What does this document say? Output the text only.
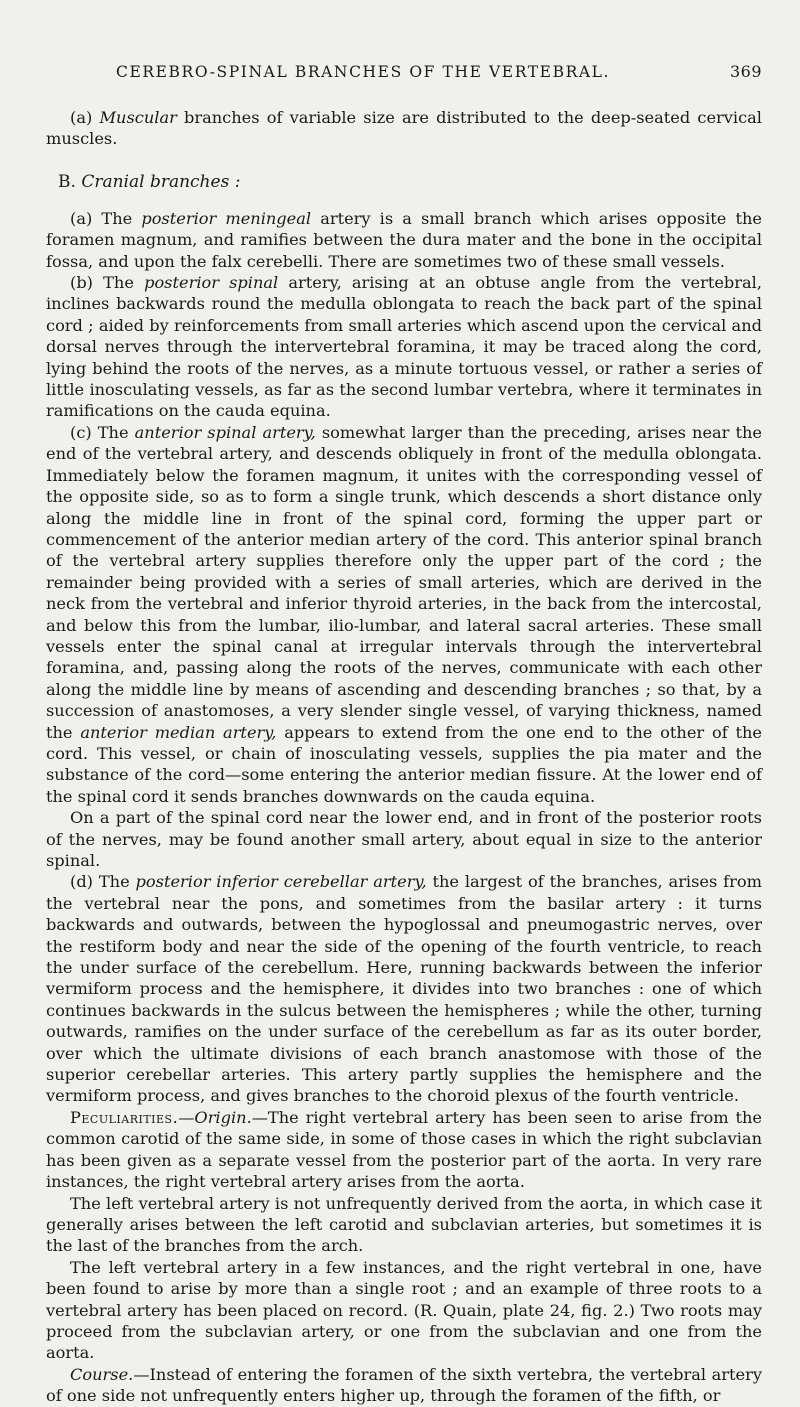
CEREBRO-SPINAL BRANCHES OF THE VERTEBRAL.	369

(a) Muscular branches of variable size are distributed to the deep-seated cervical muscles.

B. Cranial branches :

(a) The posterior meningeal artery is a small branch which arises opposite the foramen magnum, and ramifies between the dura mater and the bone in the occipital fossa, and upon the falx cerebelli. There are sometimes two of these small vessels.

(b) The posterior spinal artery, arising at an obtuse angle from the vertebral, inclines backwards round the medulla oblongata to reach the back part of the spinal cord ; aided by reinforcements from small arteries which ascend upon the cervical and dorsal nerves through the intervertebral foramina, it may be traced along the cord, lying behind the roots of the nerves, as a minute tortuous vessel, or rather a series of little inosculating vessels, as far as the second lumbar vertebra, where it terminates in ramifications on the cauda equina.

(c) The anterior spinal artery, somewhat larger than the preceding, arises near the end of the vertebral artery, and descends obliquely in front of the medulla oblongata. Immediately below the foramen magnum, it unites with the corresponding vessel of the opposite side, so as to form a single trunk, which descends a short distance only along the middle line in front of the spinal cord, forming the upper part or commencement of the anterior median artery of the cord. This anterior spinal branch of the vertebral artery supplies therefore only the upper part of the cord ; the remainder being provided with a series of small arteries, which are derived in the neck from the vertebral and inferior thyroid arteries, in the back from the intercostal, and below this from the lumbar, ilio-lumbar, and lateral sacral arteries. These small vessels enter the spinal canal at irregular intervals through the intervertebral foramina, and, passing along the roots of the nerves, communicate with each other along the middle line by means of ascending and descending branches ; so that, by a succession of anastomoses, a very slender single vessel, of varying thickness, named the anterior median artery, appears to extend from the one end to the other of the cord. This vessel, or chain of inosculating vessels, supplies the pia mater and the substance of the cord—some entering the anterior median fissure. At the lower end of the spinal cord it sends branches downwards on the cauda equina.

On a part of the spinal cord near the lower end, and in front of the posterior roots of the nerves, may be found another small artery, about equal in size to the anterior spinal.

(d) The posterior inferior cerebellar artery, the largest of the branches, arises from the vertebral near the pons, and sometimes from the basilar artery : it turns backwards and outwards, between the hypoglossal and pneumogastric nerves, over the restiform body and near the side of the opening of the fourth ventricle, to reach the under surface of the cerebellum. Here, running backwards between the inferior vermiform process and the hemisphere, it divides into two branches : one of which continues backwards in the sulcus between the hemispheres ; while the other, turning outwards, ramifies on the under surface of the cerebellum as far as its outer border, over which the ultimate divisions of each branch anastomose with those of the superior cerebellar arteries. This artery partly supplies the hemisphere and the vermiform process, and gives branches to the choroid plexus of the fourth ventricle.

Peculiarities.—Origin.—The right vertebral artery has been seen to arise from the common carotid of the same side, in some of those cases in which the right subclavian has been given as a separate vessel from the posterior part of the aorta. In very rare instances, the right vertebral artery arises from the aorta.

The left vertebral artery is not unfrequently derived from the aorta, in which case it generally arises between the left carotid and subclavian arteries, but sometimes it is the last of the branches from the arch.

The left vertebral artery in a few instances, and the right vertebral in one, have been found to arise by more than a single root ; and an example of three roots to a vertebral artery has been placed on record. (R. Quain, plate 24, fig. 2.) Two roots may proceed from the subclavian artery, or one from the subclavian and one from the aorta.

Course.—Instead of entering the foramen of the sixth vertebra, the vertebral artery of one side not unfrequently enters higher up, through the foramen of the fifth, or
